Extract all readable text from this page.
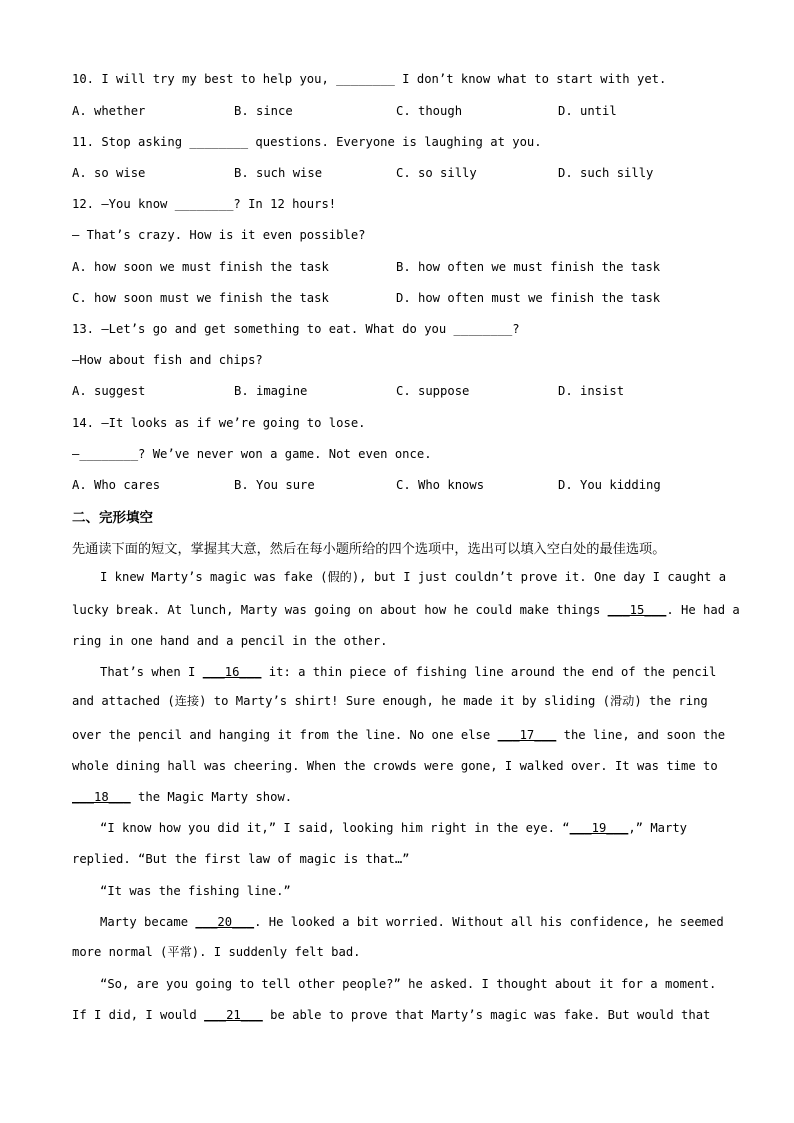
10. I will try my best to help you, ________ I don’t know what to start with yet.
A. whether	B. since	C. though	D. until
11. Stop asking ________ questions. Everyone is laughing at you.
A. so wise	B. such wise	C. so silly	D. such silly
12. —You know ________? In 12 hours!
— That’s crazy. How is it even possible?
A. how soon we must finish the task	B. how often we must finish the task
C. how soon must we finish the task	D. how often must we finish the task
13. —Let’s go and get something to eat. What do you ________?
—How about fish and chips?
A. suggest	B. imagine	C. suppose	D. insist
14. —It looks as if we’re going to lose.
—________? We’ve never won a game. Not even once.
A. Who cares	B. You sure	C. Who knows	D. You kidding
二、完形填空
先通读下面的短文，掌握其大意，然后在每小题所给的四个选项中，选出可以填入空白处的最佳选项。
I knew Marty’s magic was fake (假的), but I just couldn’t prove it. One day I caught a
lucky break. At lunch, Marty was going on about how he could make things ___15___. He had a
ring in one hand and a pencil in the other.
That’s when I ___16___ it: a thin piece of fishing line around the end of the pencil
and attached (连接) to Marty’s shirt! Sure enough, he made it by sliding (滑动) the ring
over the pencil and hanging it from the line. No one else ___17___ the line, and soon the
whole dining hall was cheering. When the crowds were gone, I walked over. It was time to
___18___ the Magic Marty show.
“I know how you did it,” I said, looking him right in the eye. “___19___,” Marty
replied. “But the first law of magic is that…”
“It was the fishing line.”
Marty became ___20___. He looked a bit worried. Without all his confidence, he seemed
more normal (平常). I suddenly felt bad.
“So, are you going to tell other people?” he asked. I thought about it for a moment.
If I did, I would ___21___ be able to prove that Marty’s magic was fake. But would that
